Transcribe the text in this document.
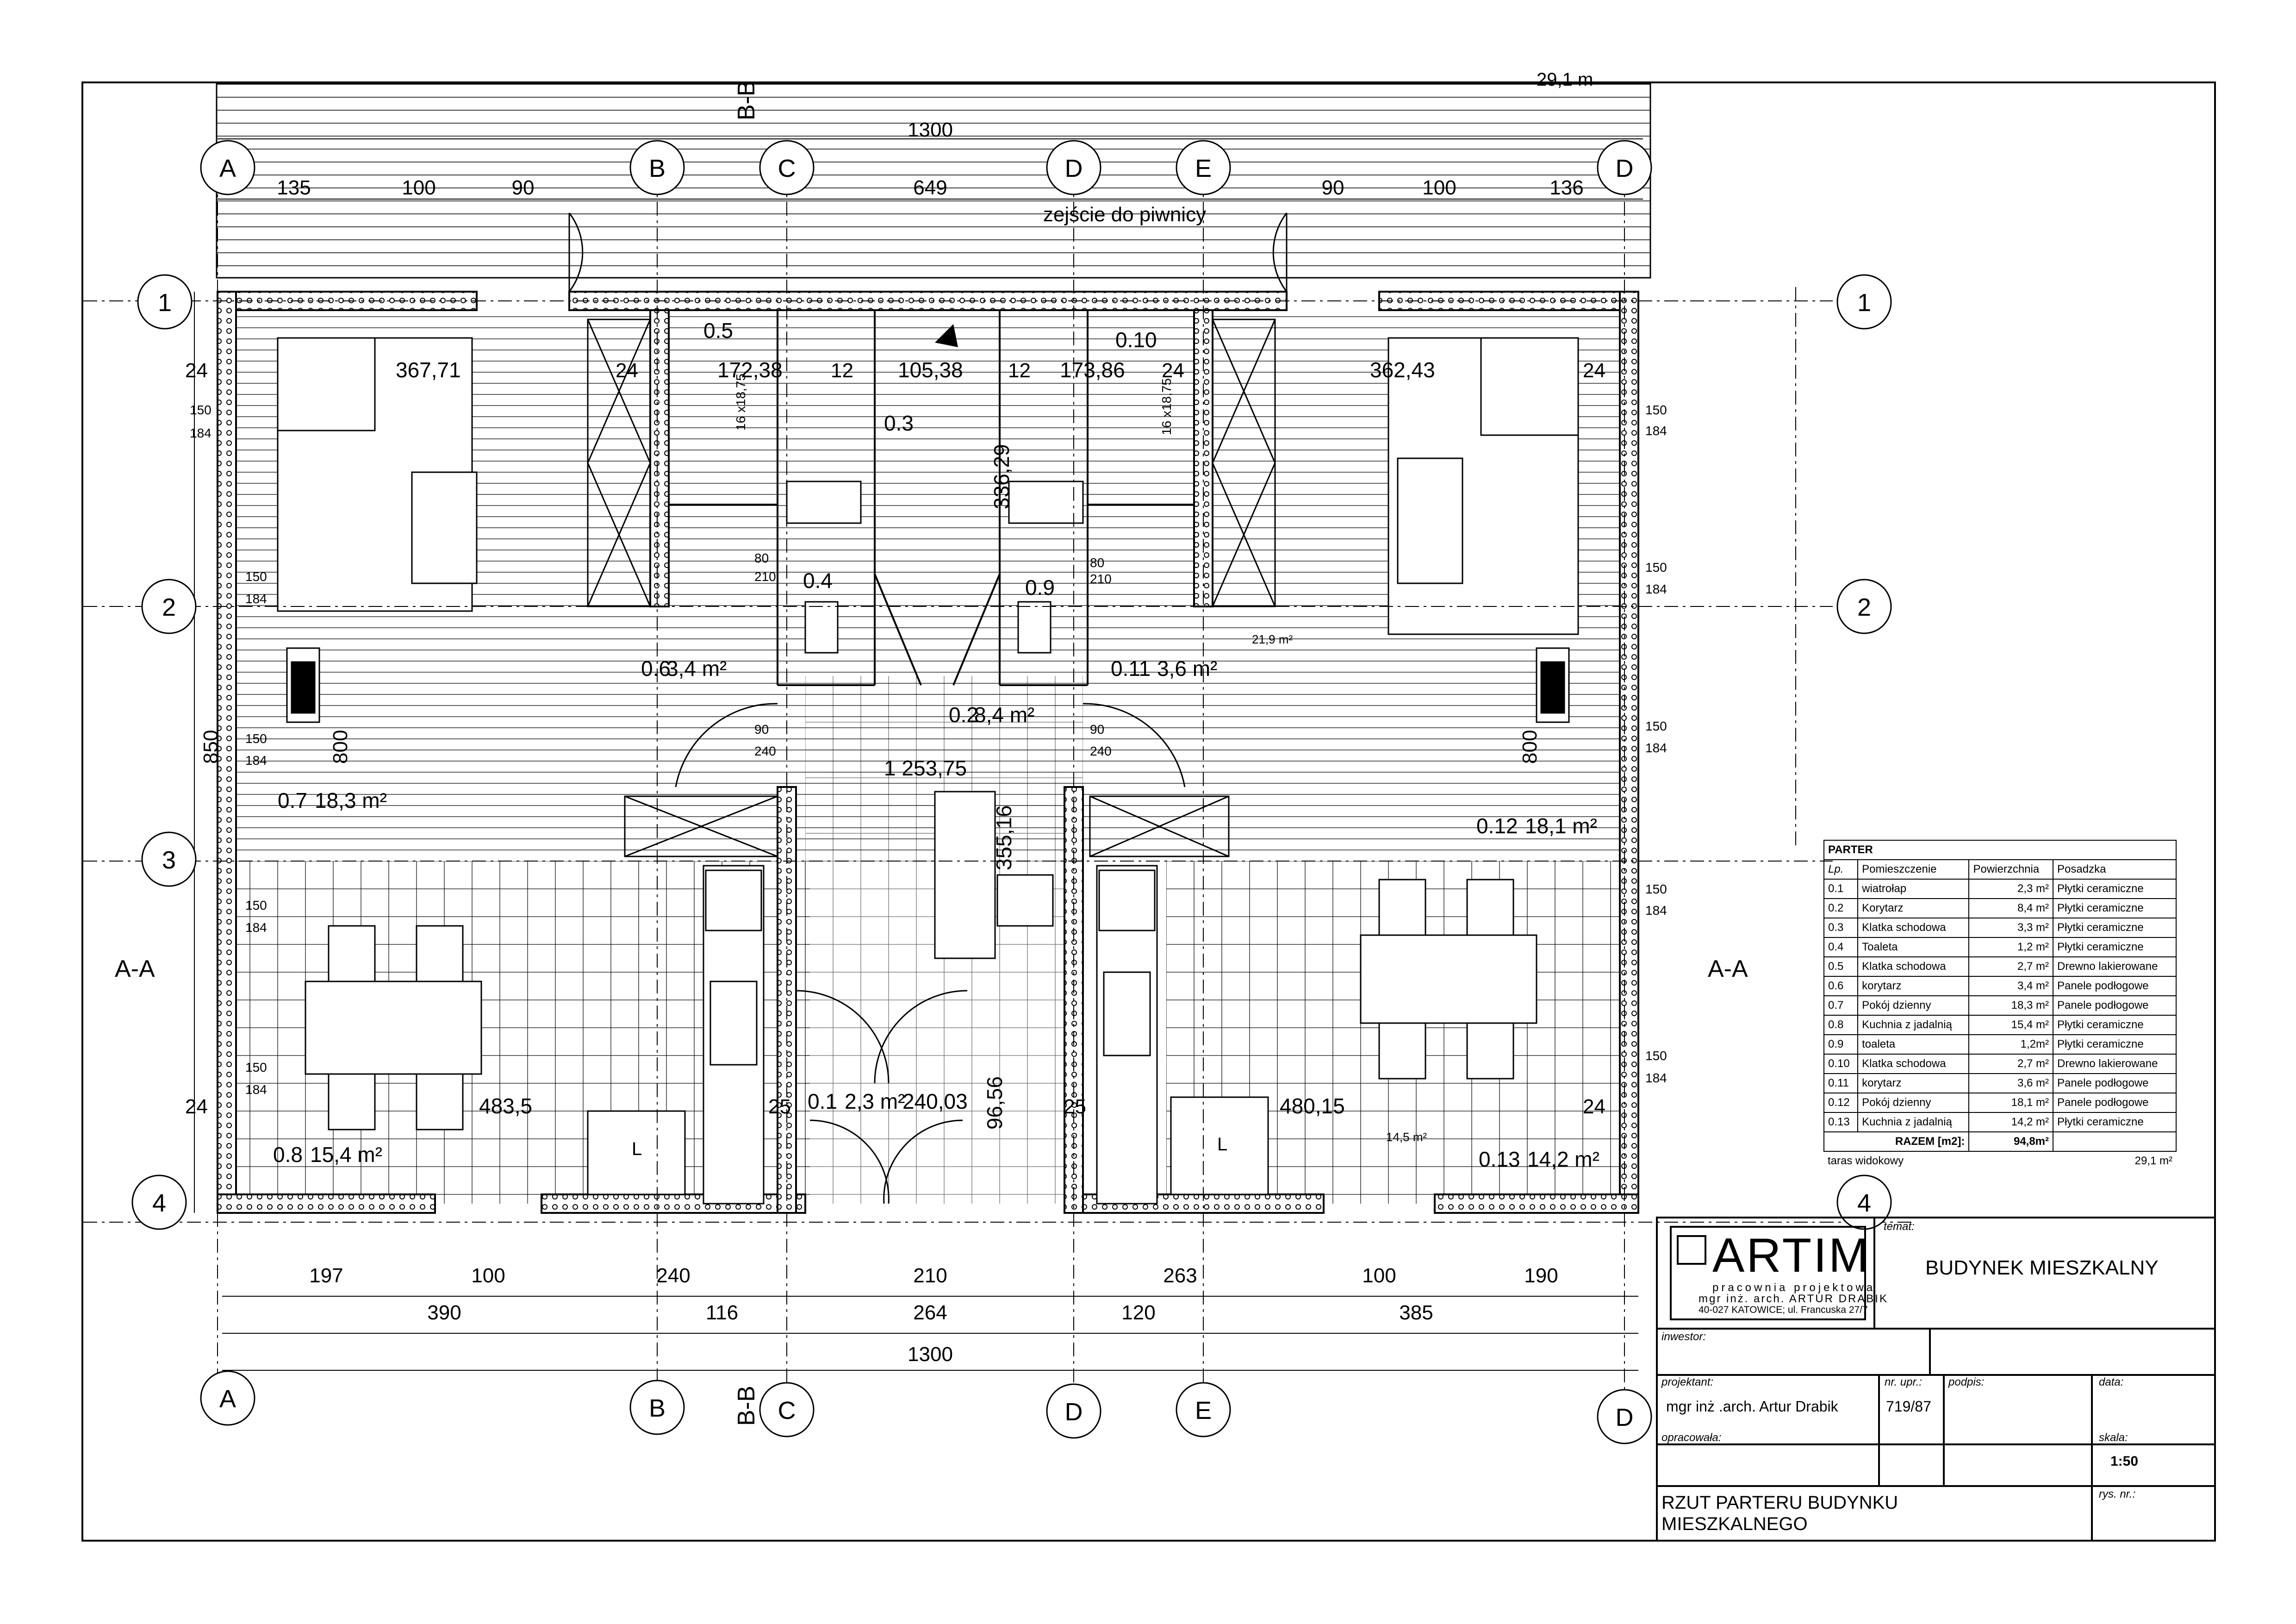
A	B	C	D	E	D
A	B	C	D	E	D
1
2
3
4
1
2
4
B-B
B-B
A-A	A-A
1300
135	100	90	649	90	100	136
zejście do piwnicy
197	100	240	210	263	100	190
390	116	264	120	385
1300
850	800	800
150
184
150
184
150
184
150
184
150
184
150
184
150
184
150
184
150
184
150
184
90
240
90
240
80
210
80
210
24	24	12	12	24	24
24	25	25	24
0.5	0.10
0.3
0.4	0.9
0.6
3,4 m²	0.11 3,6 m²
0.2
8,4 m²
0.7 18,3 m²
0.12 18,1 m²
0.8 15,4 m²	0.13 14,2 m²
0.1 2,3 m²
367,71	362,43
172,38	105,38	173,86
336,29
1 253,75
355,16
240,03 96,56
483,5	480,15
16 x18,75	16 x18,75
21,9 m²
14,5 m²
29,1 m
L	L
ARTIM
pracownia projektowa
mgr inż. arch. ARTUR DRABIK
40-027 KATOWICE; ul. Francuska 27/7
temat:
BUDYNEK MIESZKALNY
inwestor:
projektant:
mgr inż .arch. Artur Drabik
nr. upr.:
719/87
podpis:	data:
opracowała:	skala:
1:50
rys. nr.:
RZUT PARTERU BUDYNKU
MIESZKALNEGO
PARTER			
Lp.	Pomieszczenie	Powierzchnia	Posadzka
0.1	wiatrołap	2,3 m²	Płytki ceramiczne
0.2	Korytarz	8,4 m²	Płytki ceramiczne
0.3	Klatka schodowa	3,3 m²	Płytki ceramiczne
0.4	Toaleta	1,2 m²	Płytki ceramiczne
0.5	Klatka schodowa	2,7 m²	Drewno lakierowane
0.6	korytarz	3,4 m²	Panele podłogowe
0.7	Pokój dzienny	18,3 m²	Panele podłogowe
0.8	Kuchnia z jadalnią	15,4 m²	Płytki ceramiczne
0.9	toaleta	1,2m²	Płytki ceramiczne
0.10	Klatka schodowa	2,7 m²	Drewno lakierowane
0.11	korytarz	3,6 m²	Panele podłogowe
0.12	Pokój dzienny	18,1 m²	Panele podłogowe
0.13	Kuchnia z jadalnią	14,2 m²	Płytki ceramiczne
RAZEM [m2]:		94,8m²	
taras widokowy		29,1 m²	
